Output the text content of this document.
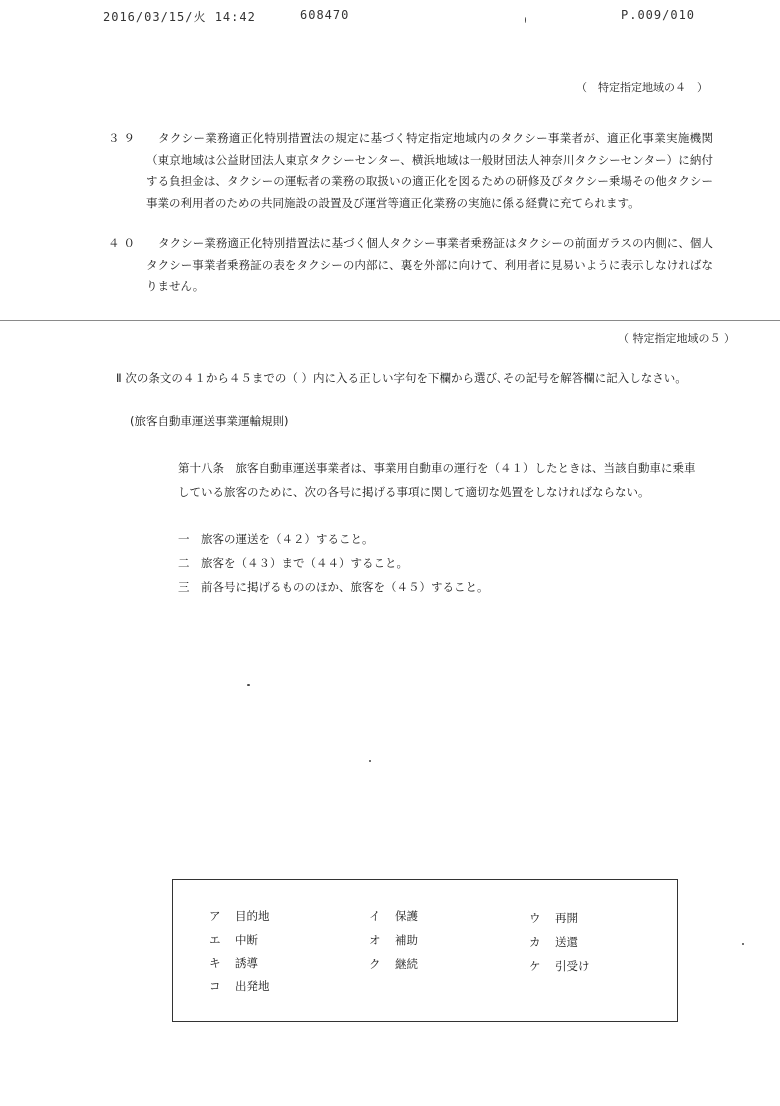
2016/03/15/火 14:42	608470	P.009/010
（　特定指定地域の４　）
３９	タクシー業務適正化特別措置法の規定に基づく特定指定地域内のタクシー事業者が、適正化事業実施機関（東京地域は公益財団法人東京タクシーセンター、横浜地域は一般財団法人神奈川タクシーセンター）に納付する負担金は、タクシーの運転者の業務の取扱いの適正化を図るための研修及びタクシー乗場その他タクシー事業の利用者のための共同施設の設置及び運営等適正化業務の実施に係る経費に充てられます。
４０	タクシー業務適正化特別措置法に基づく個人タクシー事業者乗務証はタクシーの前面ガラスの内側に、個人タクシー事業者乗務証の表をタクシーの内部に、裏を外部に向けて、利用者に見易いように表示しなければなりません。
（ 特定指定地域の５ ）
Ⅱ 次の条文の４１から４５までの（ ）内に入る正しい字句を下欄から選び､その記号を解答欄に記入しなさい。
(旅客自動車運送事業運輸規則)

第十八条　旅客自動車運送事業者は、事業用自動車の運行を（４１）したときは、当該自動車に乗車している旅客のために、次の各号に掲げる事項に関して適切な処置をしなければならない。

一　旅客の運送を（４２）すること。
二　旅客を（４３）まで（４４）すること。
三　前各号に掲げるもののほか、旅客を（４５）すること。
ア 目的地	イ 保護	ウ 再開
エ 中断	オ 補助	カ 送還
キ 誘導	ク 継続	ケ 引受け
コ 出発地
